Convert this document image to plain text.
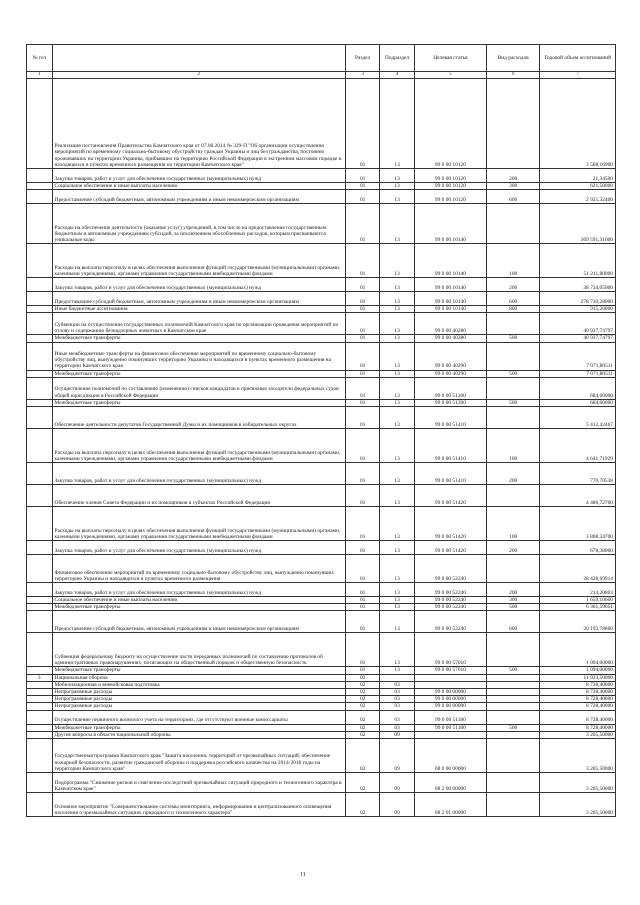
№ п/п		Раздел	Подраздел	Целевая статья	Вид расходов	Годовой объем ассигнований
1	2	3	4	5	6	7
	Реализация постановления Правительства Камчатского края от 07.08.2014 № 329-П "Об организации осуществления мероприятий по временному социально-бытовому обустройству граждан Украины и лиц без гражданства, постоянно проживавших на территории Украины, прибывших на территорию Российской Федерации в экстренном массовом порядке и находящихся в пунктах временного размещения на территории Камчатского края"	01	13	99 0 00 10120		3 568,16900
	Закупка товаров, работ и услуг для обеспечения государственных (муниципальных) нужд	01	13	99 0 00 10120	200	21,34500
	Социальное обеспечение и иные выплаты населению	01	13	99 0 00 10120	300	621,50000
	Предоставление субсидий бюджетным, автономным учреждениям и иным некоммерческим организациям	01	13	99 0 00 10120	600	2 925,32400
	Расходы на обеспечение деятельности (оказание услуг) учреждений, в том числе на предоставление государственным бюджетным и автономным учреждениям субсидий, за исключением обособленных расходов, которым присваиваются уникальные коды	01	13	99 0 00 10140		369 591,31000
	Расходы на выплаты персоналу в целях обеспечения выполнения функций государственными (муниципальными) органами, казенными учреждениями, органами управления государственными внебюджетными фондами	01	13	99 0 00 10140	100	51 211,80000
	Закупка товаров, работ и услуг для обеспечения государственных (муниципальных) нужд	01	13	99 0 00 10140	200	38 734,05000
	Предоставление субсидий бюджетным, автономным учреждениям и иным некоммерческим организациям	01	13	99 0 00 10140	600	278 730,28000
	Иные бюджетные ассигнования	01	13	99 0 00 10140	800	915,20000
	Субвенции на осуществление государственных полномочий Камчатского края по организации проведения мероприятий по отлову и содержанию безнадзорных животных в Камчатском крае	01	13	99 0 00 40280		40 937,74797
	Межбюджетные трансферты	01	13	99 0 00 40280	500	40 937,74797
	Иные межбюджетные трансферты на финансовое обеспечение мероприятий по временному социально-бытовому обустройству лиц, вынужденно покинувших территорию Украины и находящихся в пунктах временного размещения на территории Камчатского края	01	13	99 0 00 40290		7 071,80511
	Межбюджетные трансферты	01	13	99 0 00 40290	500	7 071,80511
	Осуществление полномочий по составлению (изменению) списков кандидатов в присяжные заседатели федеральных судов общей юрисдикции в Российской Федерации	01	13	99 0 00 51200		684,60000
	Межбюджетные трансферты	01	13	99 0 00 51200	500	684,60000
	Обеспечение деятельности депутатов Государственной Думы и их помощников в избирательных округах	01	13	99 0 00 51410		5 412,42467
	Расходы на выплаты персоналу в целях обеспечения выполнения функций государственными (муниципальными) органами, казенными учреждениями, органами управления государственными внебюджетными фондами	01	13	99 0 00 51410	100	4 641,71929
	Закупка товаров, работ и услуг для обеспечения государственных (муниципальных) нужд	01	13	99 0 00 51410	200	770,70538
	Обеспечение членов Совета Федерации и их помощников в субъектах Российской Федерации	01	13	99 0 00 51420		4 486,72700
	Расходы на выплаты персоналу в целях обеспечения выполнения функций государственными (муниципальными) органами, казенными учреждениями, органами управления государственными внебюджетными фондами	01	13	99 0 00 51420	100	3 808,34700
	Закупка товаров, работ и услуг для обеспечения государственных (муниципальных) нужд	01	13	99 0 00 51420	200	678,38000
	Финансовое обеспечение мероприятий по временному социально-бытовому обустройству лиц, вынужденно покинувших территорию Украины и находящихся в пунктах временного размещения	01	13	99 0 00 52240		28 428,69914
	Закупка товаров, работ и услуг для обеспечения государственных (муниципальных) нужд	01	13	99 0 00 52240	200	214,20803
	Социальное обеспечение и иные выплаты населению	01	13	99 0 00 52240	300	1 659,10600
	Межбюджетные трансферты	01	13	99 0 00 52240	500	6 361,59651
	Предоставление субсидий бюджетным, автономным учреждениям и иным некоммерческим организациям	01	13	99 0 00 52240	600	20 193,78860
	Субвенция федеральному бюджету на осуществление части переданных полномочий по составлению протоколов об административных правонарушениях, посягающих на общественный порядок и общественную безопасность	01	13	99 0 00 57010		1 094,00000
	Межбюджетные трансферты	01	13	99 0 00 57010	500	1 094,00000
3	Национальная оборона	02				11 933,50000
	Мобилизационная и вневойсковая подготовка	02	03			8 728,40000
	Непрограммные расходы	02	03	99 0 00 00000		8 728,40000
	Непрограммные расходы	02	03	99 0 00 00000		8 728,40000
	Непрограммные расходы	02	03	99 0 00 00000		8 728,40000
	Осуществление первичного воинского учета на территориях, где отсутствуют военные комиссариаты	02	03	99 0 00 51180		8 728,40000
	Межбюджетные трансферты	02	03	99 0 00 51180	500	8 728,40000
	Другие вопросы в области национальной обороны	02	09			3 205,50000
	Государственная программа Камчатского края "Защита населения, территорий от чрезвычайных ситуаций, обеспечение пожарной безопасности, развитие гражданской обороны и поддержка российского казачества на 2014-2018 годы на территории Камчатского края"	02	09	08 0 00 00000		3 205,50000
	Подпрограмма "Снижение рисков и смягчение последствий чрезвычайных ситуаций природного и техногенного характера в Камчатском крае"	02	09	08 2 00 00000		3 205,50000
	Основное мероприятие "Совершенствование системы мониторинга, информирования и централизованного оповещения населения о чрезвычайных ситуациях природного и техногенного характера"	02	09	08 2 01 00000		3 205,50000
11
